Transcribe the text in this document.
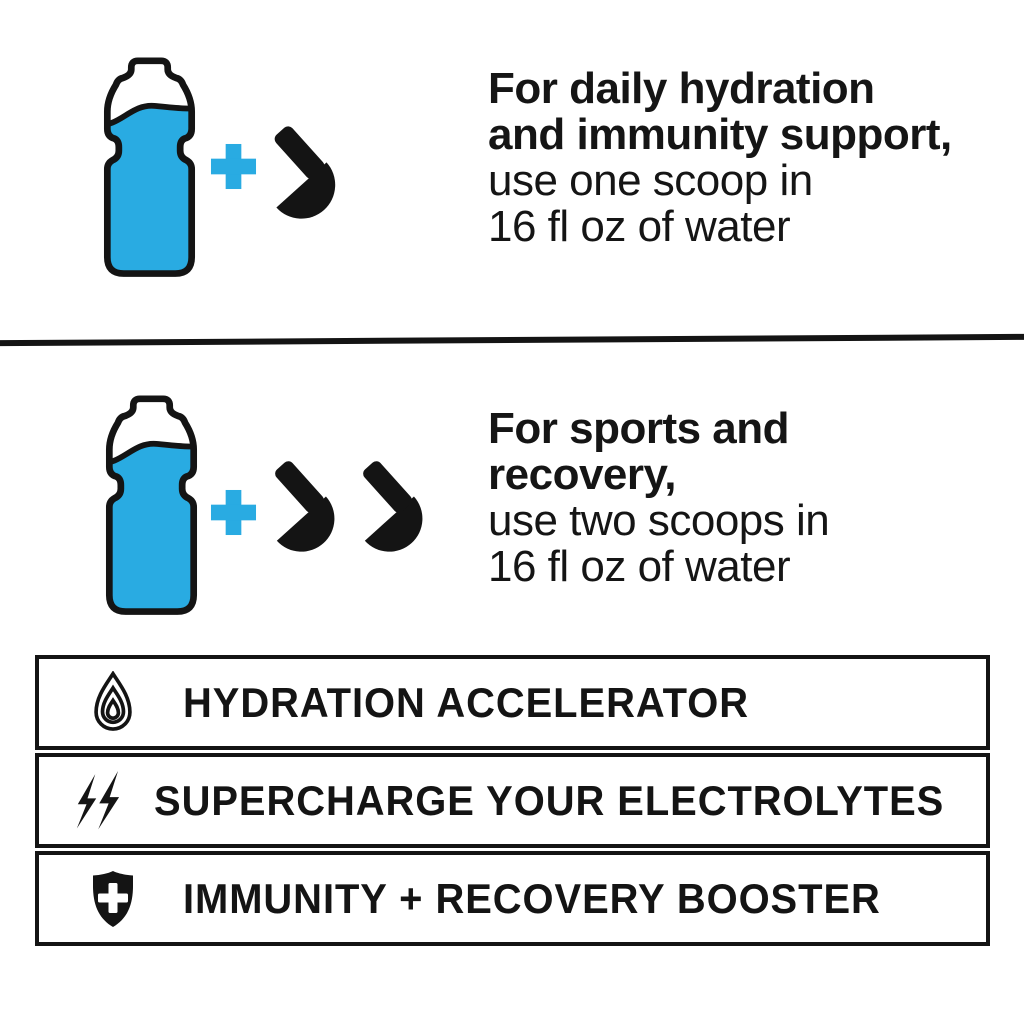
For daily hydration
and immunity support,
use one scoop in
16 fl oz of water
For sports and
recovery,
use two scoops in
16 fl oz of water
HYDRATION ACCELERATOR
SUPERCHARGE YOUR ELECTROLYTES
IMMUNITY + RECOVERY BOOSTER
